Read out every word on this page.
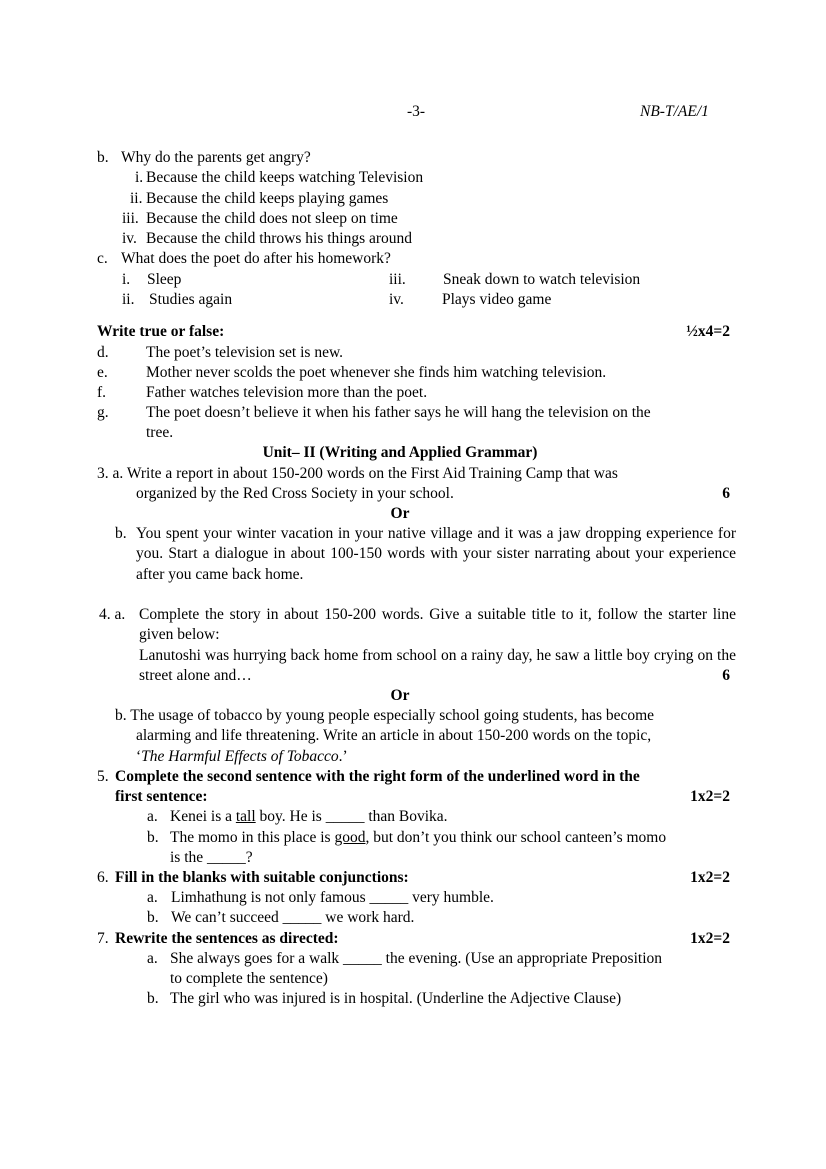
-3-	NB-T/AE/1
b. Why do the parents get angry?
i. Because the child keeps watching Television
ii. Because the child keeps playing games
iii. Because the child does not sleep on time
iv. Because the child throws his things around
c. What does the poet do after his homework?
i. Sleep	iii. Sneak down to watch television
ii. Studies again	iv. Plays video game
Write true or false:	½x4=2
d. The poet’s television set is new.
e. Mother never scolds the poet whenever she finds him watching television.
f.	Father watches television more than the poet.
g. The poet doesn’t believe it when his father says he will hang the television on the
tree.
Unit– II (Writing and Applied Grammar)
3. a. Write a report in about 150-200 words on the First Aid Training Camp that was
organized by the Red Cross Society in your school.	6
Or
b. You spent your winter vacation in your native village and it was a jaw dropping experience for you. Start a dialogue in about 100-150 words with your sister narrating about your experience after you came back home.
4. a. Complete the story in about 150-200 words. Give a suitable title to it, follow the starter line given below:
Lanutoshi was hurrying back home from school on a rainy day, he saw a little boy crying on the street alone and…	6
Or
b. The usage of tobacco by young people especially school going students, has become
alarming and life threatening. Write an article in about 150-200 words on the topic,
‘The Harmful Effects of Tobacco.’
5. Complete the second sentence with the right form of the underlined word in the
first sentence:	1x2=2
a. Kenei is a tall boy. He is _____ than Bovika.
b. The momo in this place is good, but don’t you think our school canteen’s momo
is the _____?
6. Fill in the blanks with suitable conjunctions:	1x2=2
a. Limhathung is not only famous _____ very humble.
b. We can’t succeed _____ we work hard.
7. Rewrite the sentences as directed:	1x2=2
a. She always goes for a walk _____ the evening. (Use an appropriate Preposition
to complete the sentence)
b. The girl who was injured is in hospital. (Underline the Adjective Clause)
